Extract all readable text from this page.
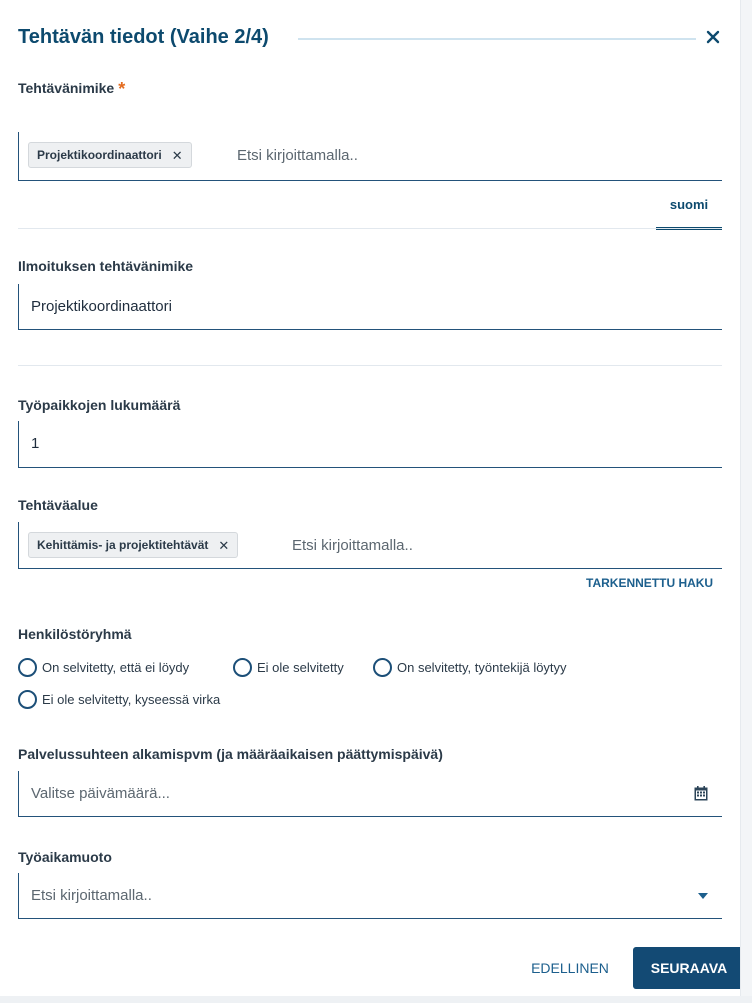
Tehtävän tiedot (Vaihe 2/4)
Tehtävänimike *
Projektikoordinaattori ✕	Etsi kirjoittamalla..
suomi
Ilmoituksen tehtävänimike
Projektikoordinaattori
Työpaikkojen lukumäärä
1
Tehtäväalue
Kehittämis- ja projektitehtävät ✕	Etsi kirjoittamalla..
TARKENNETTU HAKU
Henkilöstöryhmä
On selvitetty, että ei löydy	Ei ole selvitetty	On selvitetty, työntekijä löytyy
Ei ole selvitetty, kyseessä virka
Palvelussuhteen alkamispvm (ja määräaikaisen päättymispäivä)
Valitse päivämäärä...
Työaikamuoto
Etsi kirjoittamalla..
EDELLINEN	SEURAAVA
